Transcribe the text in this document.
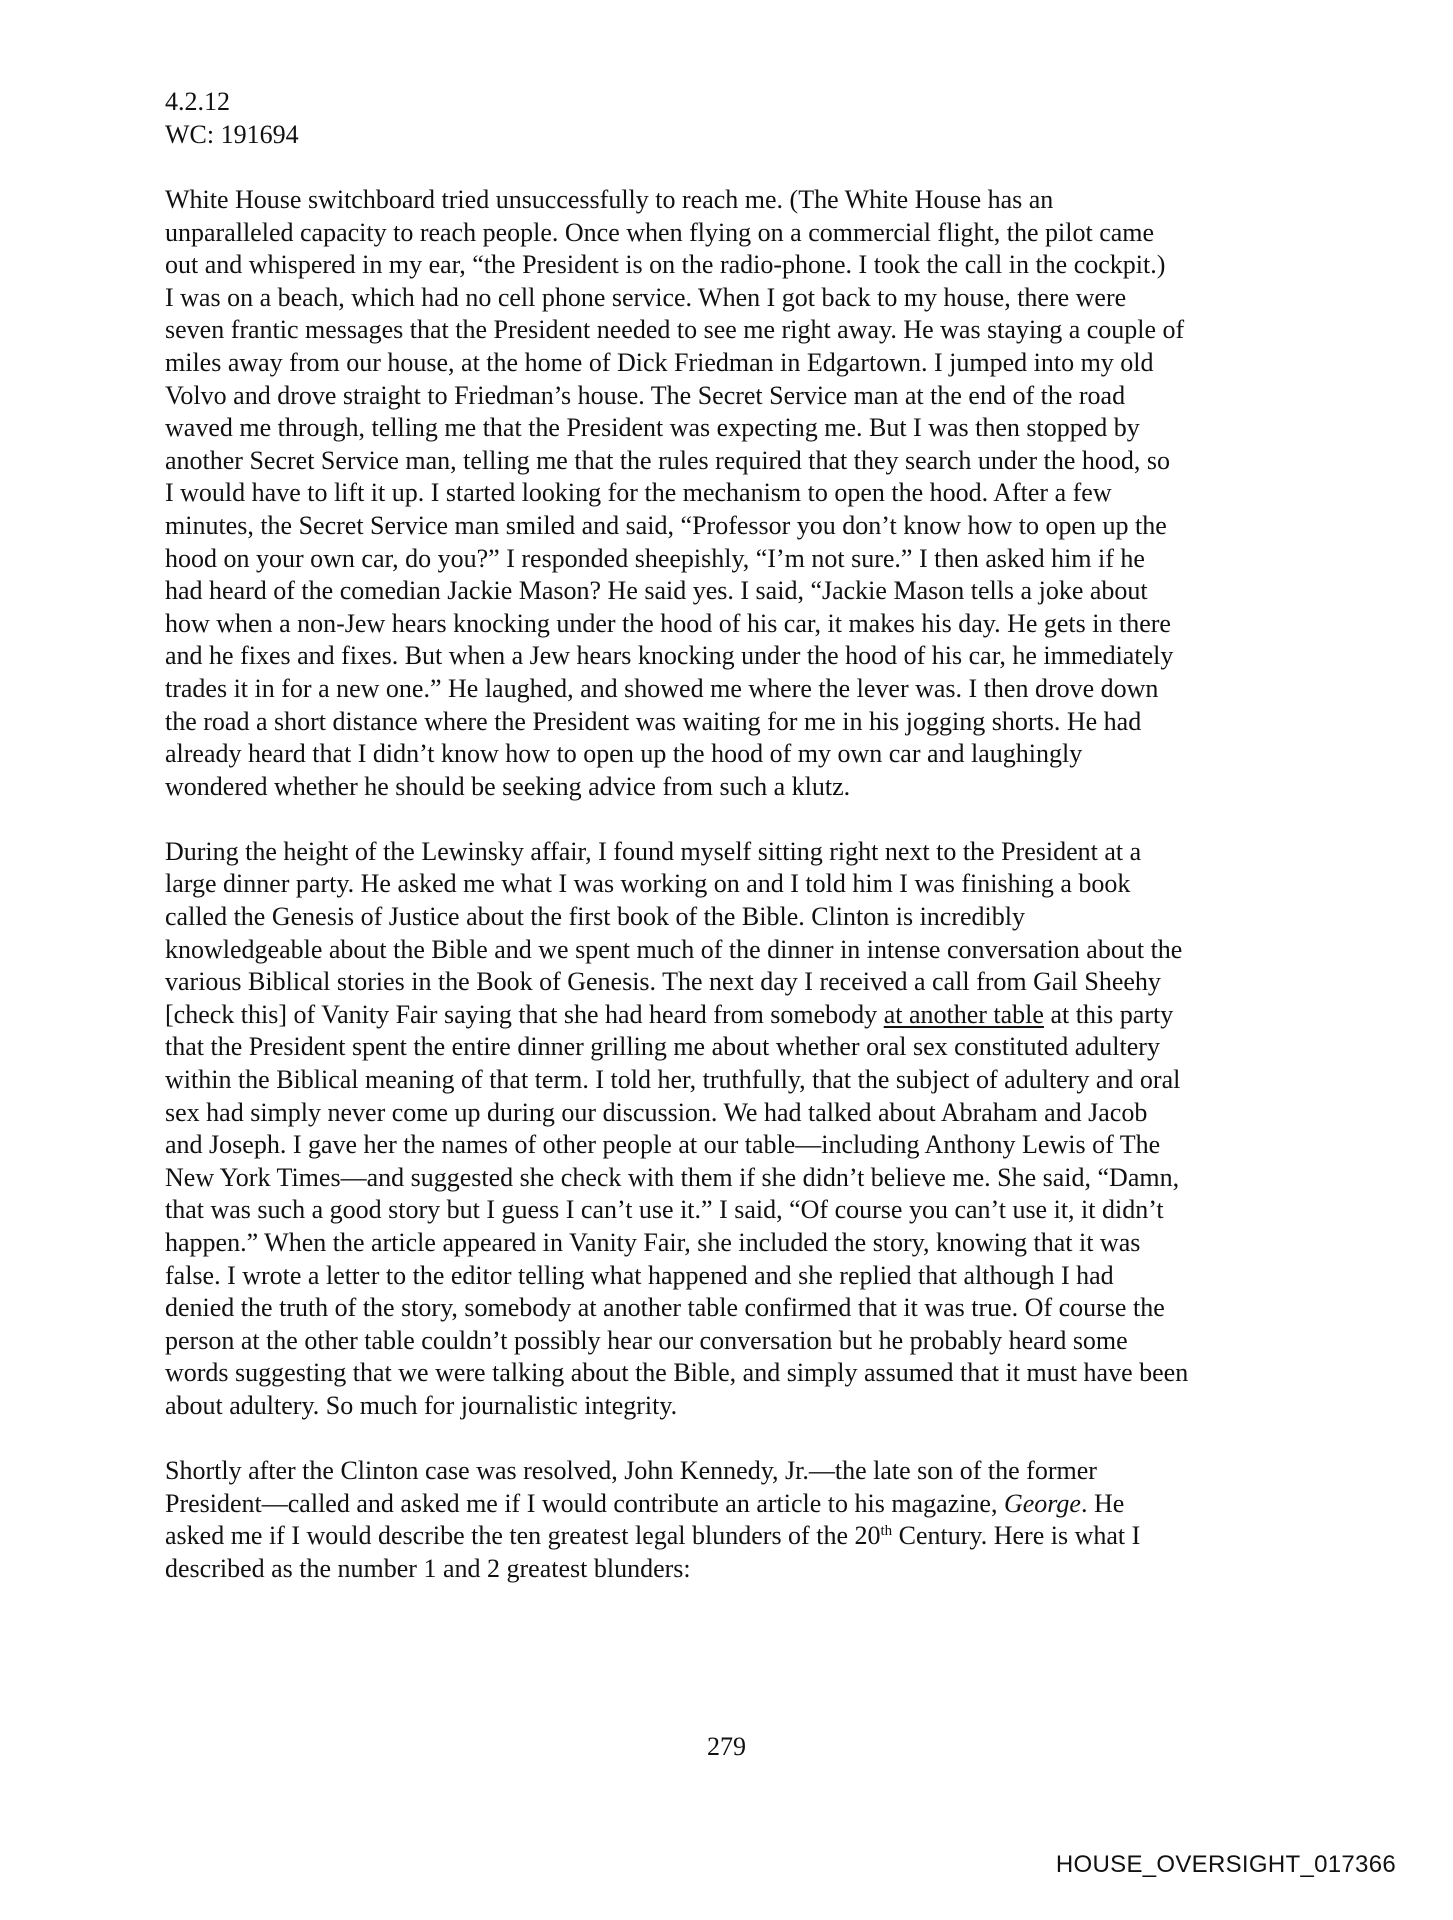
4.2.12
WC: 191694
White House switchboard tried unsuccessfully to reach me. (The White House has an
unparalleled capacity to reach people. Once when flying on a commercial flight, the pilot came
out and whispered in my ear, “the President is on the radio-phone. I took the call in the cockpit.)
I was on a beach, which had no cell phone service. When I got back to my house, there were
seven frantic messages that the President needed to see me right away. He was staying a couple of
miles away from our house, at the home of Dick Friedman in Edgartown. I jumped into my old
Volvo and drove straight to Friedman’s house. The Secret Service man at the end of the road
waved me through, telling me that the President was expecting me. But I was then stopped by
another Secret Service man, telling me that the rules required that they search under the hood, so
I would have to lift it up. I started looking for the mechanism to open the hood. After a few
minutes, the Secret Service man smiled and said, “Professor you don’t know how to open up the
hood on your own car, do you?” I responded sheepishly, “I’m not sure.” I then asked him if he
had heard of the comedian Jackie Mason? He said yes. I said, “Jackie Mason tells a joke about
how when a non-Jew hears knocking under the hood of his car, it makes his day. He gets in there
and he fixes and fixes. But when a Jew hears knocking under the hood of his car, he immediately
trades it in for a new one.” He laughed, and showed me where the lever was. I then drove down
the road a short distance where the President was waiting for me in his jogging shorts. He had
already heard that I didn’t know how to open up the hood of my own car and laughingly
wondered whether he should be seeking advice from such a klutz.
During the height of the Lewinsky affair, I found myself sitting right next to the President at a
large dinner party. He asked me what I was working on and I told him I was finishing a book
called the Genesis of Justice about the first book of the Bible. Clinton is incredibly
knowledgeable about the Bible and we spent much of the dinner in intense conversation about the
various Biblical stories in the Book of Genesis. The next day I received a call from Gail Sheehy
[check this] of Vanity Fair saying that she had heard from somebody at another table at this party
that the President spent the entire dinner grilling me about whether oral sex constituted adultery
within the Biblical meaning of that term. I told her, truthfully, that the subject of adultery and oral
sex had simply never come up during our discussion. We had talked about Abraham and Jacob
and Joseph. I gave her the names of other people at our table—including Anthony Lewis of The
New York Times—and suggested she check with them if she didn’t believe me. She said, “Damn,
that was such a good story but I guess I can’t use it.” I said, “Of course you can’t use it, it didn’t
happen.” When the article appeared in Vanity Fair, she included the story, knowing that it was
false. I wrote a letter to the editor telling what happened and she replied that although I had
denied the truth of the story, somebody at another table confirmed that it was true. Of course the
person at the other table couldn’t possibly hear our conversation but he probably heard some
words suggesting that we were talking about the Bible, and simply assumed that it must have been
about adultery. So much for journalistic integrity.
Shortly after the Clinton case was resolved, John Kennedy, Jr.—the late son of the former
President—called and asked me if I would contribute an article to his magazine, George. He
asked me if I would describe the ten greatest legal blunders of the 20th Century. Here is what I
described as the number 1 and 2 greatest blunders:
279
HOUSE_OVERSIGHT_017366
